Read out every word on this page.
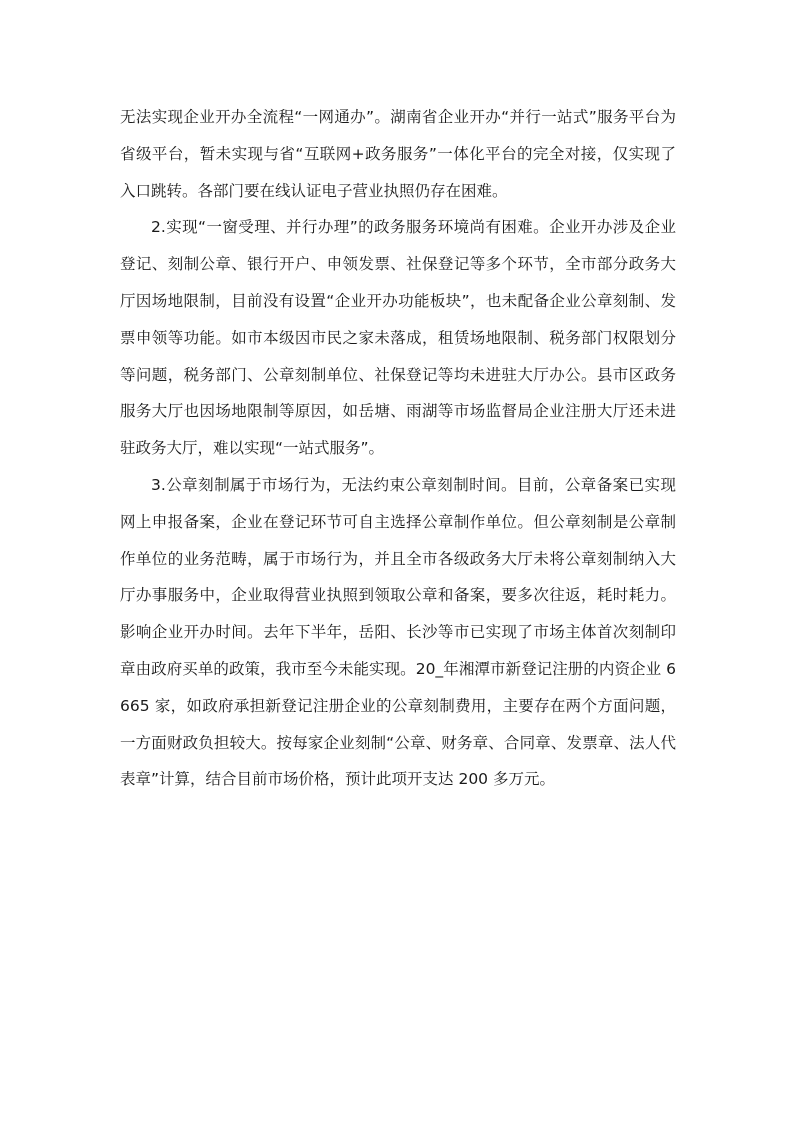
无法实现企业开办全流程“一网通办”。湖南省企业开办“并行一站式”服务平台为省级平台，暂未实现与省“互联网+政务服务”一体化平台的完全对接，仅实现了入口跳转。各部门要在线认证电子营业执照仍存在困难。

2.实现“一窗受理、并行办理”的政务服务环境尚有困难。企业开办涉及企业登记、刻制公章、银行开户、申领发票、社保登记等多个环节，全市部分政务大厅因场地限制，目前没有设置“企业开办功能板块”，也未配备企业公章刻制、发票申领等功能。如市本级因市民之家未落成，租赁场地限制、税务部门权限划分等问题，税务部门、公章刻制单位、社保登记等均未进驻大厅办公。县市区政务服务大厅也因场地限制等原因，如岳塘、雨湖等市场监督局企业注册大厅还未进驻政务大厅，难以实现“一站式服务”。

3.公章刻制属于市场行为，无法约束公章刻制时间。目前，公章备案已实现网上申报备案，企业在登记环节可自主选择公章制作单位。但公章刻制是公章制作单位的业务范畴，属于市场行为，并且全市各级政务大厅未将公章刻制纳入大厅办事服务中，企业取得营业执照到领取公章和备案，要多次往返，耗时耗力。影响企业开办时间。去年下半年，岳阳、长沙等市已实现了市场主体首次刻制印章由政府买单的政策，我市至今未能实现。20_年湘潭市新登记注册的内资企业 6665 家，如政府承担新登记注册企业的公章刻制费用，主要存在两个方面问题，一方面财政负担较大。按每家企业刻制“公章、财务章、合同章、发票章、法人代表章”计算，结合目前市场价格，预计此项开支达 200 多万元。
